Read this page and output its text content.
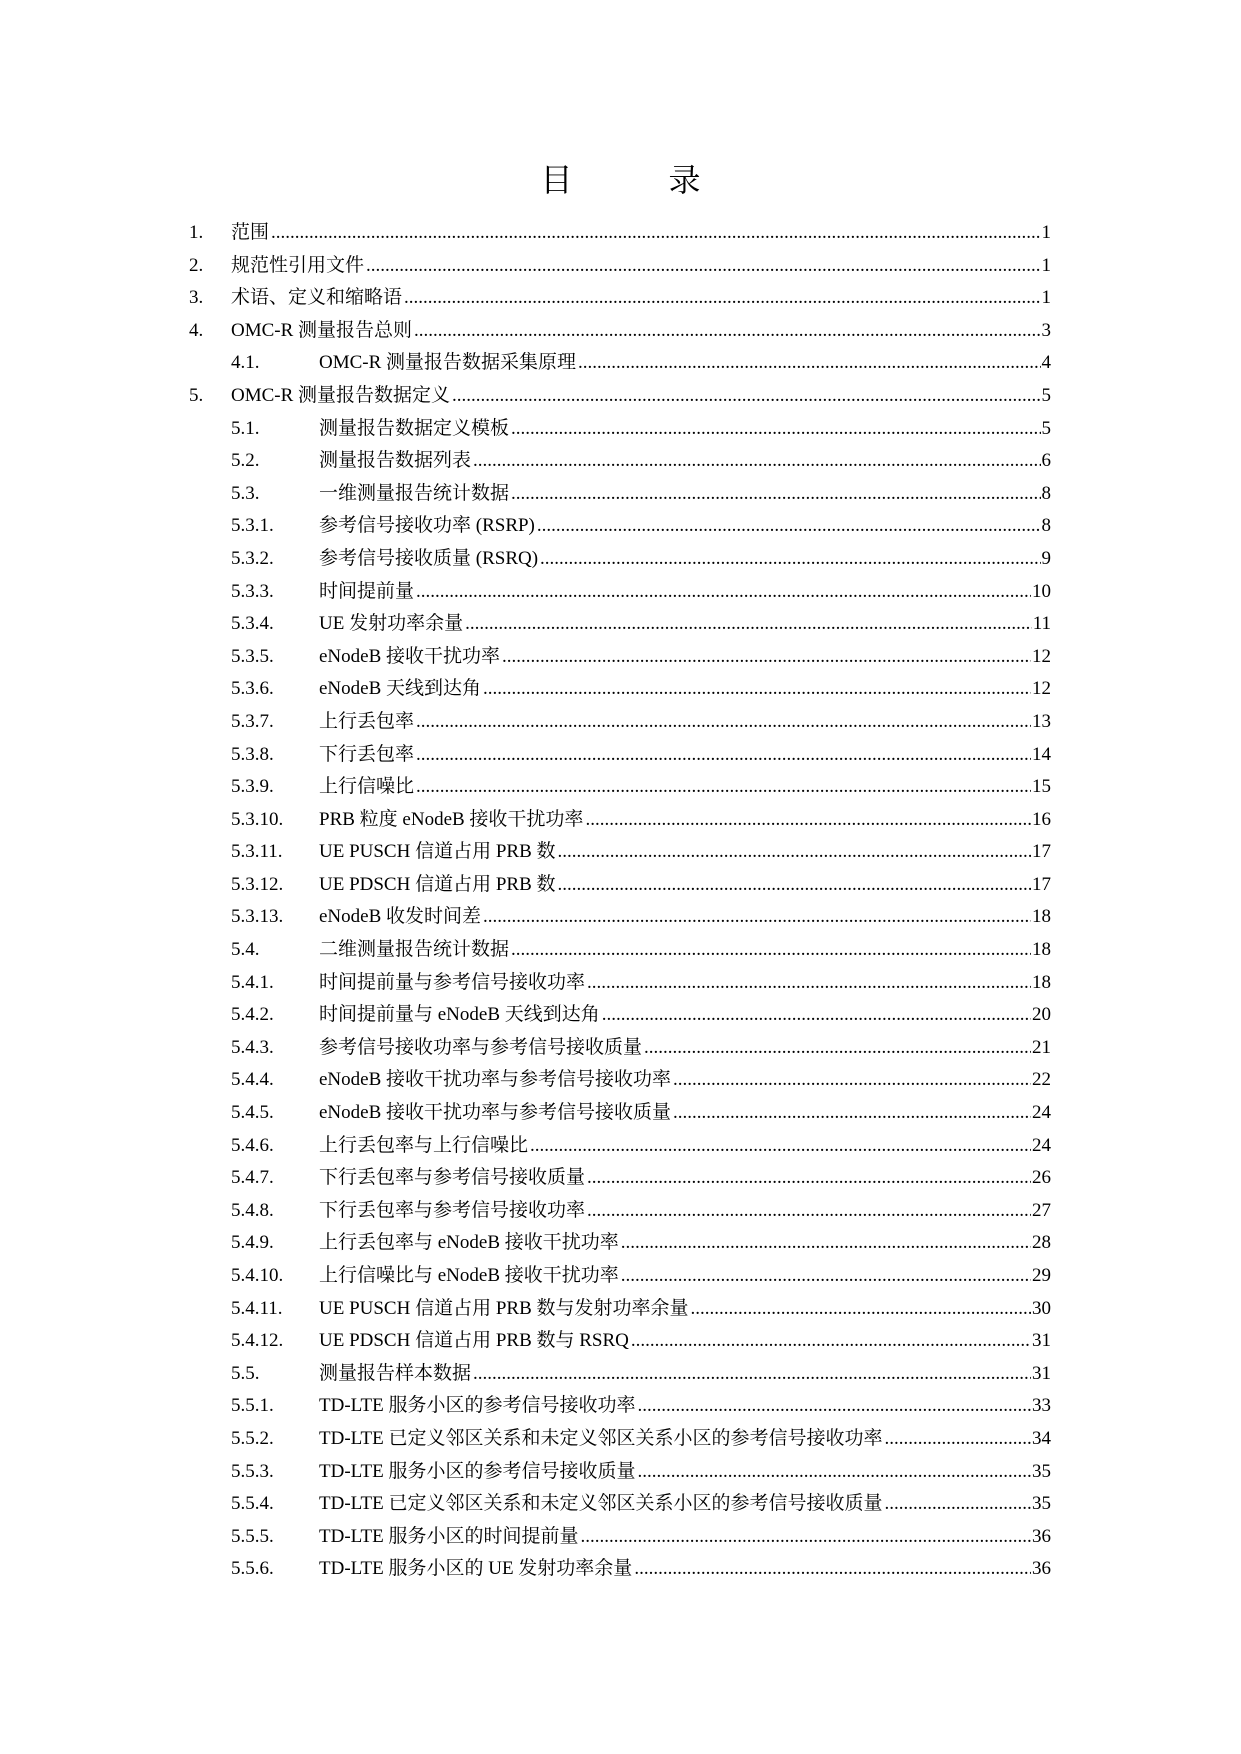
目 录
1. 范围 .....	1
2. 规范性引用文件 .....	1
3. 术语、定义和缩略语 .....	1
4. OMC-R 测量报告总则 .....	3
4.1.	OMC-R 测量报告数据采集原理 .....	4
5. OMC-R 测量报告数据定义 .....	5
5.1.	测量报告数据定义模板 .....	5
5.2.	测量报告数据列表 .....	6
5.3.	一维测量报告统计数据 .....	8
5.3.1. 参考信号接收功率 (RSRP) .....	8
5.3.2. 参考信号接收质量 (RSRQ) .....	9
5.3.3. 时间提前量 .....	10
5.3.4. UE 发射功率余量 .....	11
5.3.5. eNodeB 接收干扰功率 .....	12
5.3.6. eNodeB 天线到达角 .....	12
5.3.7. 上行丢包率 .....	13
5.3.8. 下行丢包率 .....	14
5.3.9. 上行信噪比 .....	15
5.3.10. PRB 粒度 eNodeB 接收干扰功率 .....	16
5.3.11. UE PUSCH 信道占用 PRB 数 .....	17
5.3.12. UE PDSCH 信道占用 PRB 数 .....	17
5.3.13. eNodeB 收发时间差 .....	18
5.4.	二维测量报告统计数据 .....	18
5.4.1. 时间提前量与参考信号接收功率 .....	18
5.4.2. 时间提前量与 eNodeB 天线到达角 .....	20
5.4.3. 参考信号接收功率与参考信号接收质量 .....	21
5.4.4. eNodeB 接收干扰功率与参考信号接收功率 .....	22
5.4.5. eNodeB 接收干扰功率与参考信号接收质量 .....	24
5.4.6. 上行丢包率与上行信噪比 .....	24
5.4.7. 下行丢包率与参考信号接收质量 .....	26
5.4.8. 下行丢包率与参考信号接收功率 .....	27
5.4.9. 上行丢包率与 eNodeB 接收干扰功率 .....	28
5.4.10. 上行信噪比与 eNodeB 接收干扰功率 .....	29
5.4.11. UE PUSCH 信道占用 PRB 数与发射功率余量 .....	30
5.4.12. UE PDSCH 信道占用 PRB 数与 RSRQ .....	31
5.5.	测量报告样本数据 .....	31
5.5.1. TD-LTE 服务小区的参考信号接收功率 .....	33
5.5.2. TD-LTE 已定义邻区关系和未定义邻区关系小区的参考信号接收功率 .....	34
5.5.3. TD-LTE 服务小区的参考信号接收质量 .....	35
5.5.4. TD-LTE 已定义邻区关系和未定义邻区关系小区的参考信号接收质量 .....	35
5.5.5. TD-LTE 服务小区的时间提前量 .....	36
5.5.6. TD-LTE 服务小区的 UE 发射功率余量 .....	36
